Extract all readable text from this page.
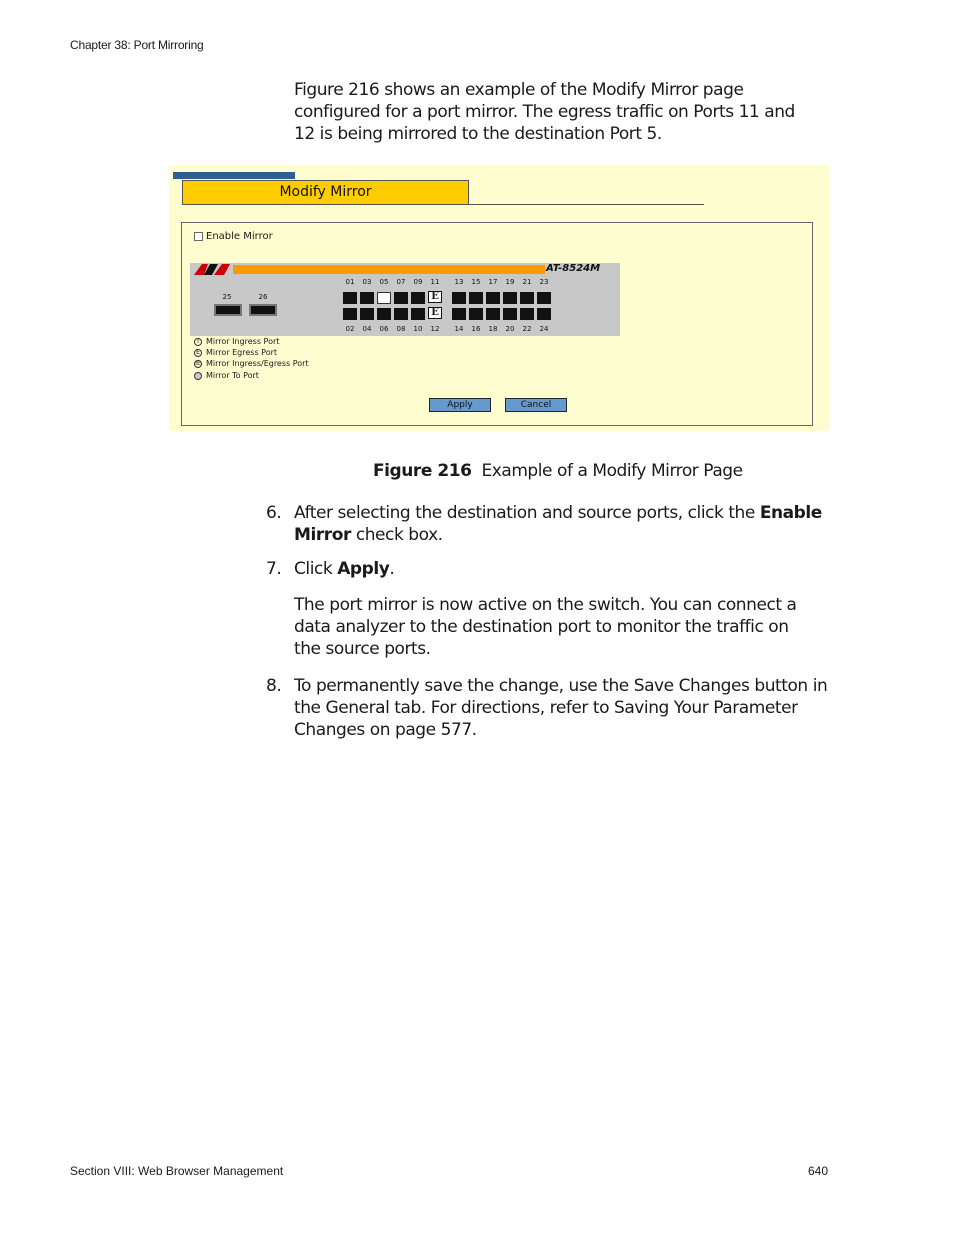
Chapter 38: Port Mirroring
Figure 216 shows an example of the Modify Mirror page configured for a port mirror. The egress traffic on Ports 11 and 12 is being mirrored to the destination Port 5.
Modify Mirror
Enable Mirror
AT-8524M
25	26
01	03	05	07	09	11	13	15	17	19	21	23
E
E
02	04	06	08	10	12	14	16	18	20	22	24
I Mirror Ingress Port
E Mirror Egress Port
IE Mirror Ingress/Egress Port
Mirror To Port
Apply	Cancel
Figure 216 Example of a Modify Mirror Page
6. After selecting the destination and source ports, click the Enable
Mirror check box.
7. Click Apply.
The port mirror is now active on the switch. You can connect a data analyzer to the destination port to monitor the traffic on the source ports.
8. To permanently save the change, use the Save Changes button in the General tab. For directions, refer to Saving Your Parameter Changes on page 577.
Section VIII: Web Browser Management	640
